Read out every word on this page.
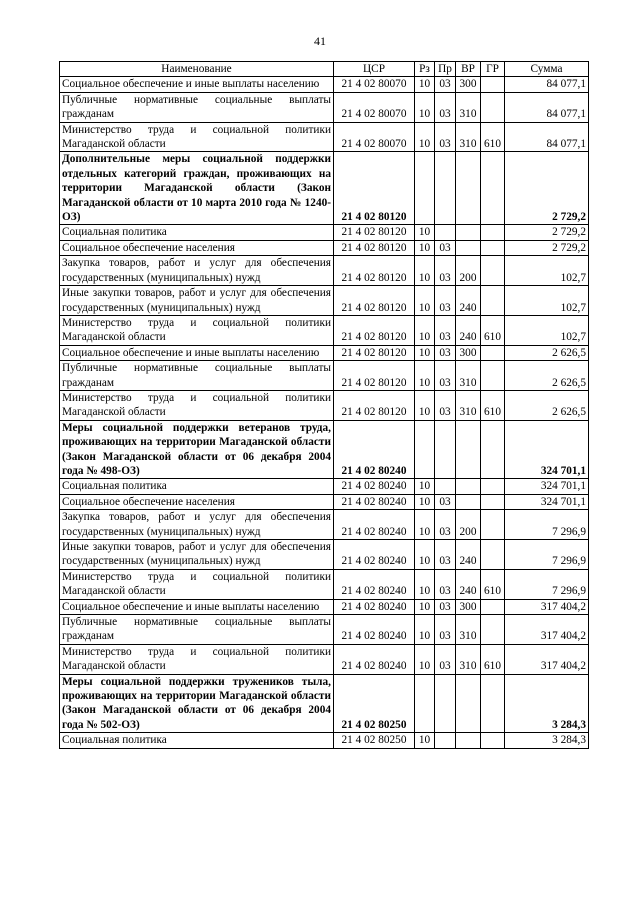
41
Наименование	ЦСР	Рз	Пр	ВР	ГР	Сумма
Социальное обеспечение и иные выплаты населению	21 4 02 80070	10	03	300		84 077,1
Публичные нормативные социальные выплаты гражданам	21 4 02 80070	10	03	310		84 077,1
Министерство труда и социальной политики Магаданской области	21 4 02 80070	10	03	310	610	84 077,1
Дополнительные меры социальной поддержки отдельных категорий граждан, проживающих на территории Магаданской области (Закон Магаданской области от 10 марта 2010 года № 1240-ОЗ)	21 4 02 80120					2 729,2
Социальная политика	21 4 02 80120	10				2 729,2
Социальное обеспечение населения	21 4 02 80120	10	03			2 729,2
Закупка товаров, работ и услуг для обеспечения государственных (муниципальных) нужд	21 4 02 80120	10	03	200		102,7
Иные закупки товаров, работ и услуг для обеспечения государственных (муниципальных) нужд	21 4 02 80120	10	03	240		102,7
Министерство труда и социальной политики Магаданской области	21 4 02 80120	10	03	240	610	102,7
Социальное обеспечение и иные выплаты населению	21 4 02 80120	10	03	300		2 626,5
Публичные нормативные социальные выплаты гражданам	21 4 02 80120	10	03	310		2 626,5
Министерство труда и социальной политики Магаданской области	21 4 02 80120	10	03	310	610	2 626,5
Меры социальной поддержки ветеранов труда, проживающих на территории Магаданской области (Закон Магаданской области от 06 декабря 2004 года № 498-ОЗ)	21 4 02 80240					324 701,1
Социальная политика	21 4 02 80240	10				324 701,1
Социальное обеспечение населения	21 4 02 80240	10	03			324 701,1
Закупка товаров, работ и услуг для обеспечения государственных (муниципальных) нужд	21 4 02 80240	10	03	200		7 296,9
Иные закупки товаров, работ и услуг для обеспечения государственных (муниципальных) нужд	21 4 02 80240	10	03	240		7 296,9
Министерство труда и социальной политики Магаданской области	21 4 02 80240	10	03	240	610	7 296,9
Социальное обеспечение и иные выплаты населению	21 4 02 80240	10	03	300		317 404,2
Публичные нормативные социальные выплаты гражданам	21 4 02 80240	10	03	310		317 404,2
Министерство труда и социальной политики Магаданской области	21 4 02 80240	10	03	310	610	317 404,2
Меры социальной поддержки тружеников тыла, проживающих на территории Магаданской области (Закон Магаданской области от 06 декабря 2004 года № 502-ОЗ)	21 4 02 80250					3 284,3
Социальная политика	21 4 02 80250	10				3 284,3
